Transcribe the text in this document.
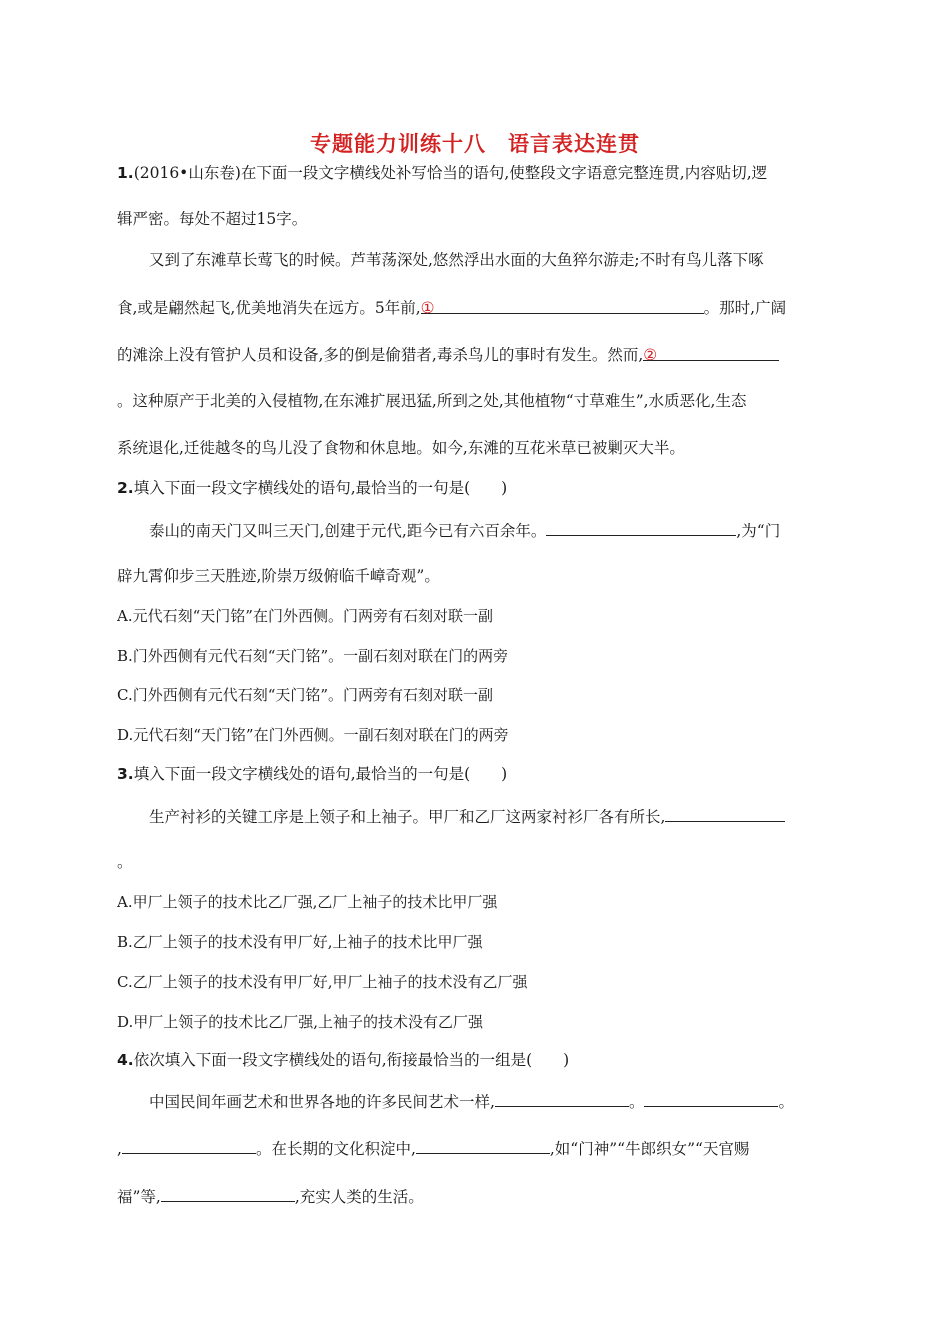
专题能力训练十八　语言表达连贯
1.(2016•山东卷)在下面一段文字横线处补写恰当的语句,使整段文字语意完整连贯,内容贴切,逻
辑严密。每处不超过15字。
又到了东滩草长莺飞的时候。芦苇荡深处,悠然浮出水面的大鱼猝尔游走;不时有鸟儿落下啄
食,或是翩然起飞,优美地消失在远方。5年前,①	。那时,广阔
的滩涂上没有管护人员和设备,多的倒是偷猎者,毒杀鸟儿的事时有发生。然而,②
。这种原产于北美的入侵植物,在东滩扩展迅猛,所到之处,其他植物“寸草难生”,水质恶化,生态
系统退化,迁徙越冬的鸟儿没了食物和休息地。如今,东滩的互花米草已被剿灭大半。
2.填入下面一段文字横线处的语句,最恰当的一句是(　　)
泰山的南天门又叫三天门,创建于元代,距今已有六百余年。	,为“门
辟九霄仰步三天胜迹,阶崇万级俯临千嶂奇观”。
A.元代石刻“天门铭”在门外西侧。门两旁有石刻对联一副
B.门外西侧有元代石刻“天门铭”。一副石刻对联在门的两旁
C.门外西侧有元代石刻“天门铭”。门两旁有石刻对联一副
D.元代石刻“天门铭”在门外西侧。一副石刻对联在门的两旁
3.填入下面一段文字横线处的语句,最恰当的一句是(　　)
生产衬衫的关键工序是上领子和上袖子。甲厂和乙厂这两家衬衫厂各有所长,
。
A.甲厂上领子的技术比乙厂强,乙厂上袖子的技术比甲厂强
B.乙厂上领子的技术没有甲厂好,上袖子的技术比甲厂强
C.乙厂上领子的技术没有甲厂好,甲厂上袖子的技术没有乙厂强
D.甲厂上领子的技术比乙厂强,上袖子的技术没有乙厂强
4.依次填入下面一段文字横线处的语句,衔接最恰当的一组是(　　)
中国民间年画艺术和世界各地的许多民间艺术一样,	。	。
,	。在长期的文化积淀中,	,如“门神”“牛郎织女”“天官赐
福”等,	,充实人类的生活。
